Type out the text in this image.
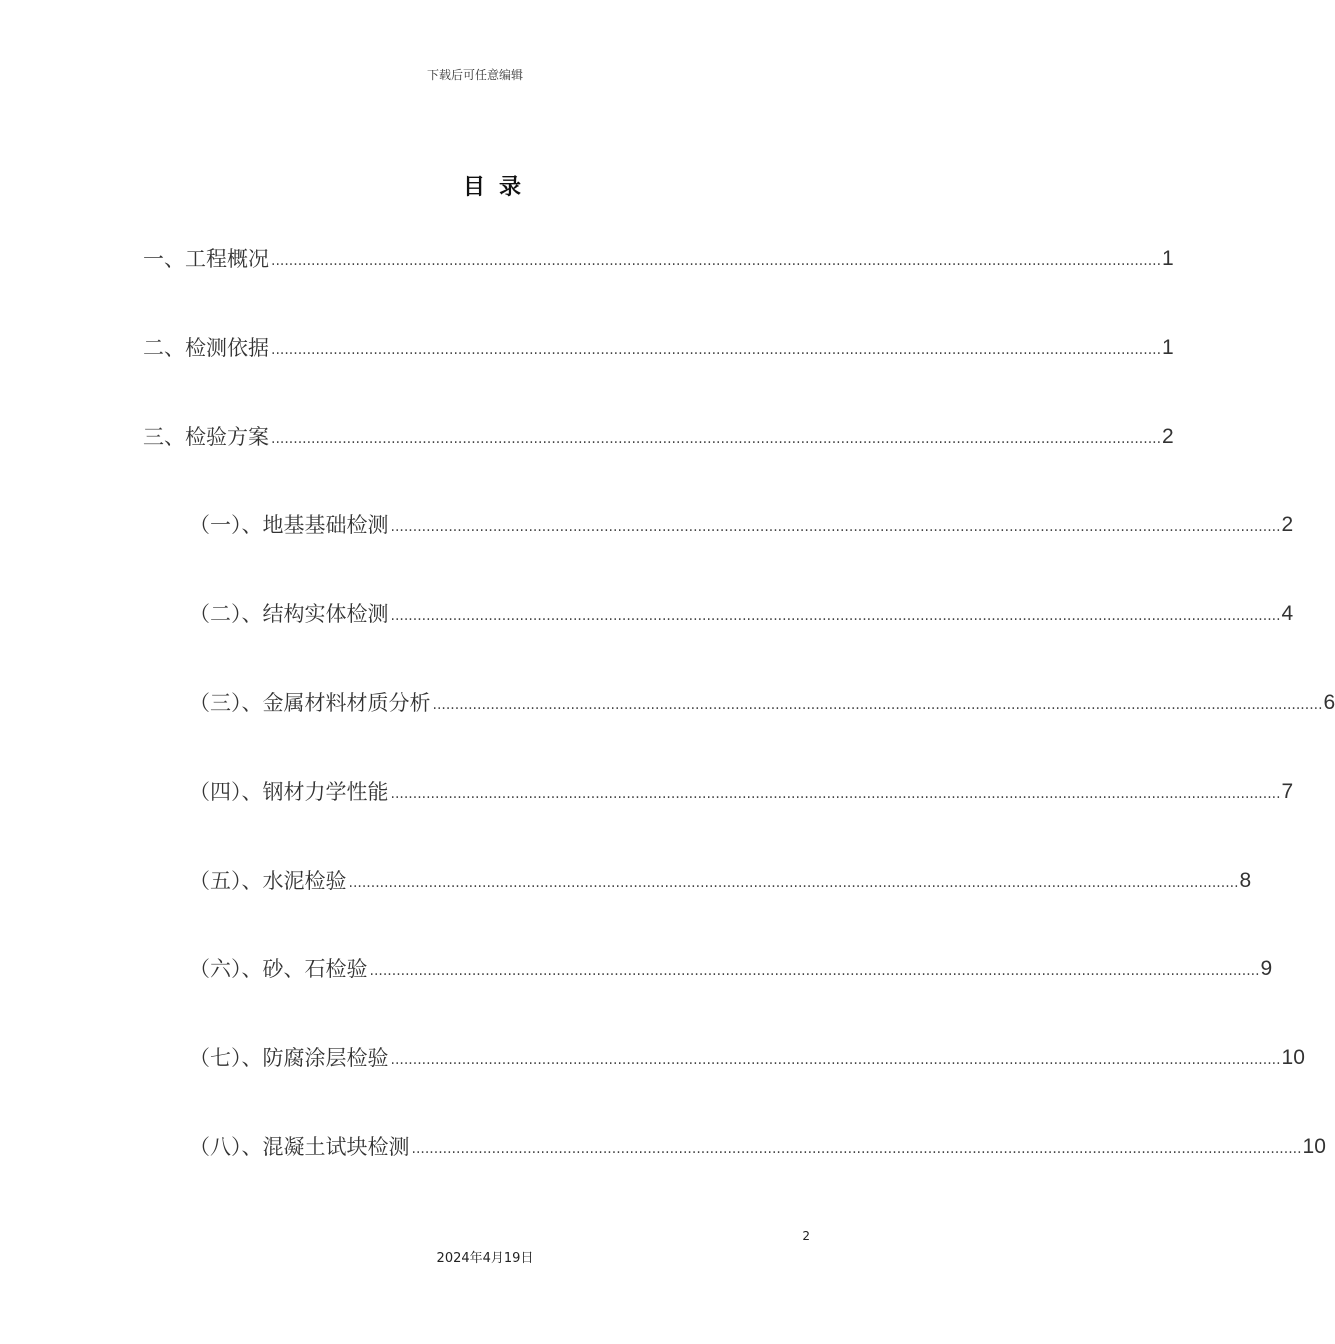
下载后可任意编辑
目录
一、工程概况 ........................................................................................................................................................................................................ 1
二、检测依据 ........................................................................................................................................................................................................ 1
三、检验方案 ........................................................................................................................................................................................................ 2
（一）、地基基础检测 ........................................................................................................................................................................................................ 2
（二）、结构实体检测 ........................................................................................................................................................................................................ 4
（三）、金属材料材质分析 ........................................................................................................................................................................................................ 6
（四）、钢材力学性能 ........................................................................................................................................................................................................ 7
（五）、水泥检验 ........................................................................................................................................................................................................ 8
（六）、砂、石检验 ........................................................................................................................................................................................................ 9
（七）、防腐涂层检验 ........................................................................................................................................................................................................ 10
（八）、混凝土试块检测 ........................................................................................................................................................................................................ 10
2
2024年4月19日
